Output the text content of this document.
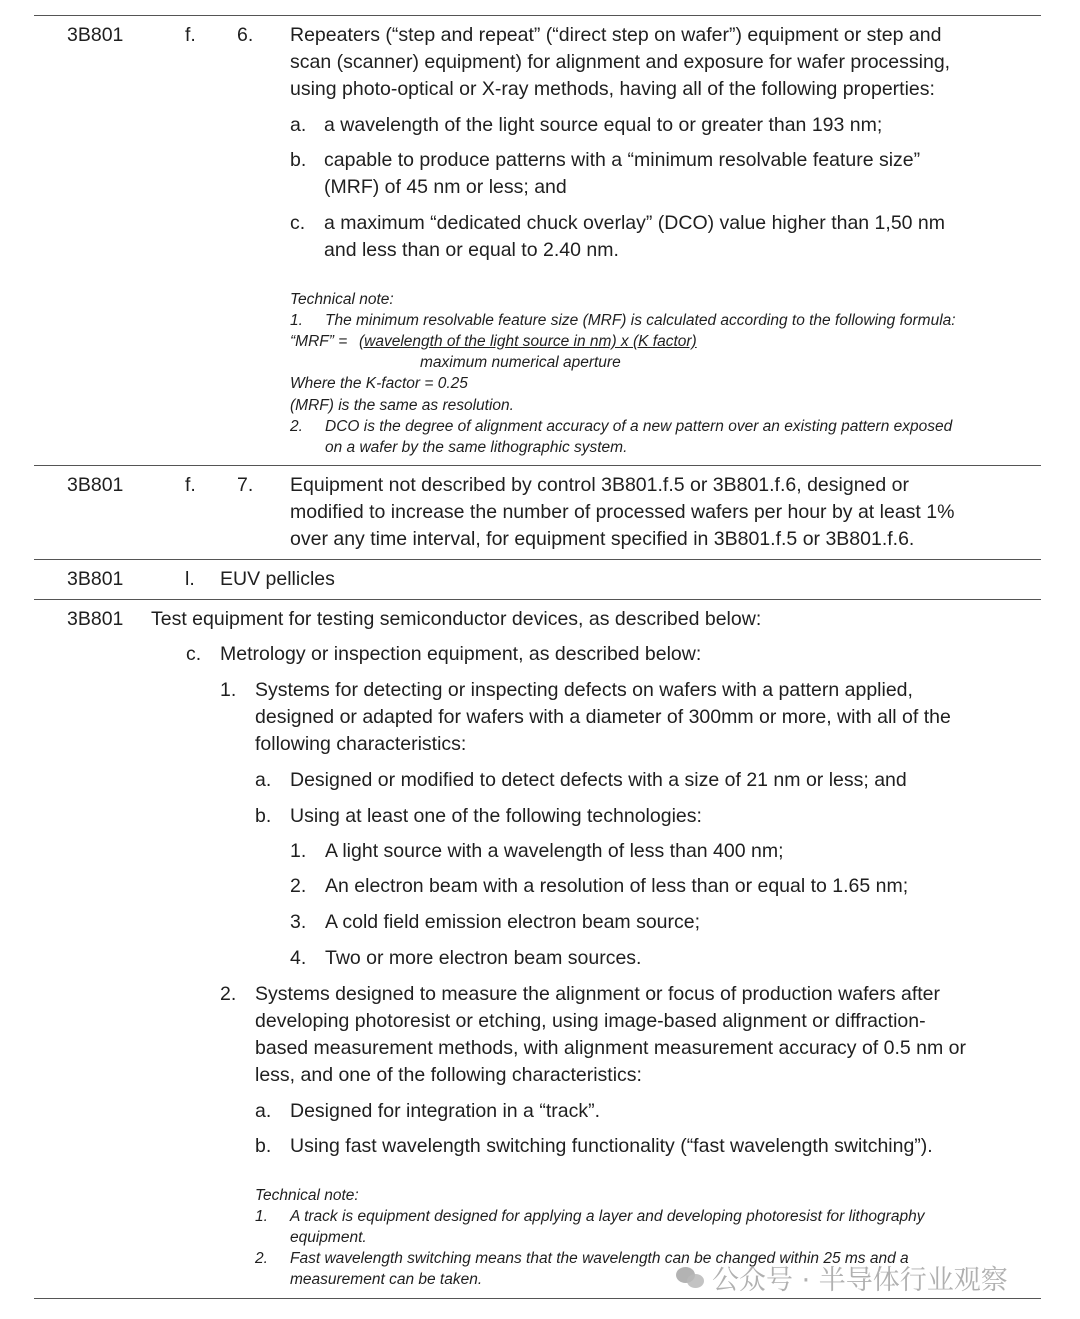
3B801	f. 6. Repeaters (“step and repeat” (“direct step on wafer”) equipment or step and
scan (scanner) equipment) for alignment and exposure for wafer processing,
using photo-optical or X-ray methods, having all of the following properties:
a. a wavelength of the light source equal to or greater than 193 nm;
b. capable to produce patterns with a “minimum resolvable feature size”
(MRF) of 45 nm or less; and
c. a maximum “dedicated chuck overlay” (DCO) value higher than 1,50 nm
and less than or equal to 2.40 nm.
Technical note:
1. The minimum resolvable feature size (MRF) is calculated according to the following formula:
“MRF” = (wavelength of the light source in nm) x (K factor)
maximum numerical aperture
Where the K-factor = 0.25
(MRF) is the same as resolution.
2. DCO is the degree of alignment accuracy of a new pattern over an existing pattern exposed
on a wafer by the same lithographic system.
3B801	f. 7. Equipment not described by control 3B801.f.5 or 3B801.f.6, designed or
modified to increase the number of processed wafers per hour by at least 1%
over any time interval, for equipment specified in 3B801.f.5 or 3B801.f.6.
3B801	l. EUV pellicles
3B801 Test equipment for testing semiconductor devices, as described below:
c. Metrology or inspection equipment, as described below:
1. Systems for detecting or inspecting defects on wafers with a pattern applied,
designed or adapted for wafers with a diameter of 300mm or more, with all of the
following characteristics:
a. Designed or modified to detect defects with a size of 21 nm or less; and
b. Using at least one of the following technologies:
1. A light source with a wavelength of less than 400 nm;
2. An electron beam with a resolution of less than or equal to 1.65 nm;
3. A cold field emission electron beam source;
4. Two or more electron beam sources.
2. Systems designed to measure the alignment or focus of production wafers after
developing photoresist or etching, using image-based alignment or diffraction-
based measurement methods, with alignment measurement accuracy of 0.5 nm or
less, and one of the following characteristics:
a. Designed for integration in a “track”.
b. Using fast wavelength switching functionality (“fast wavelength switching”).
Technical note:
1. A track is equipment designed for applying a layer and developing photoresist for lithography
equipment.
2. Fast wavelength switching means that the wavelength can be changed within 25 ms and a
measurement can be taken.	公众号 · 半导体行业观察
